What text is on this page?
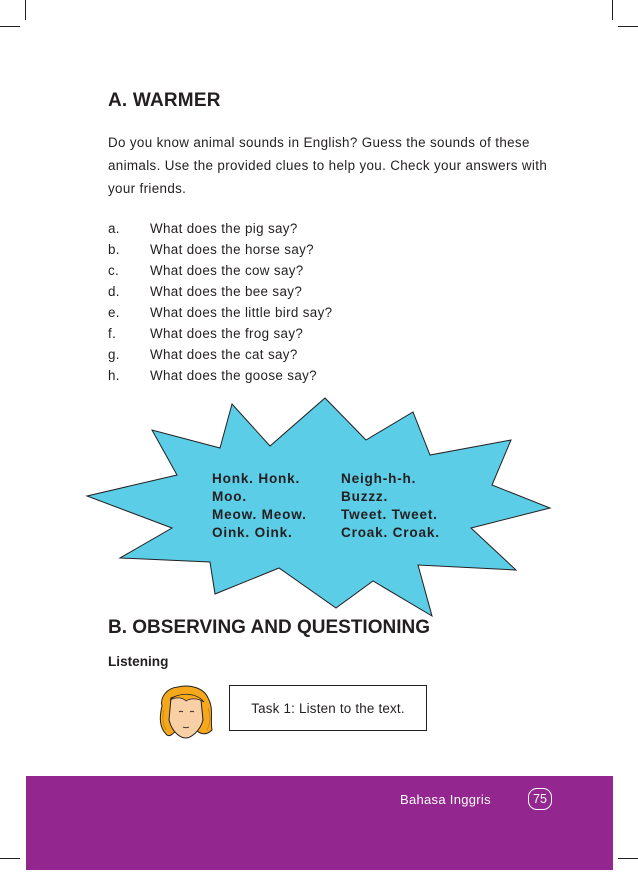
A. WARMER
Do you know animal sounds in English? Guess the sounds of these animals. Use the provided clues to help you. Check your answers with your friends.
a. What does the pig say?
b. What does the horse say?
c. What does the cow say?
d. What does the bee say?
e. What does the little bird say?
f.	What does the frog say?
g. What does the cat say?
h. What does the goose say?
Honk. Honk.
Moo.
Meow. Meow.
Oink. Oink.
Neigh-h-h.
Buzzz.
Tweet. Tweet.
Croak. Croak.
B. OBSERVING AND QUESTIONING
Listening
Task 1: Listen to the text.
Bahasa Inggris	75
